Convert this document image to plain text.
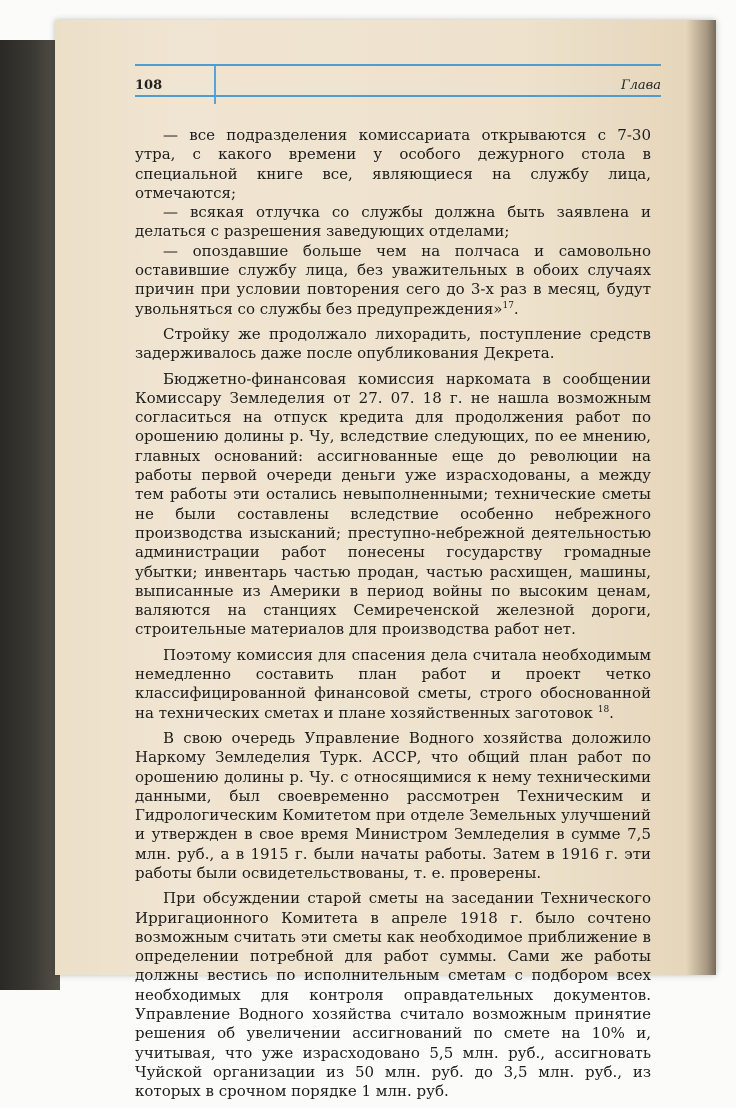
108	Глава

— все подразделения комиссариата открываются с 7-30 утра, с какого времени у особого дежурного стола в специальной книге все, являющиеся на службу лица, отмечаются;

— всякая отлучка со службы должна быть заявлена и делаться с разрешения заведующих отделами;

— опоздавшие больше чем на полчаса и самовольно оставившие службу лица, без уважительных в обоих случаях причин при условии повторения сего до 3-х раз в месяц, будут увольняться со службы без предупреждения»$^{17}$.

Стройку же продолжало лихорадить, поступление средств задерживалось даже после опубликования Декрета.

Бюджетно-финансовая комиссия наркомата в сообщении Комиссару Земледелия от 27. 07. 18 г. не нашла возможным согласиться на отпуск кредита для продолжения работ по орошению долины р. Чу, вследствие следующих, по ее мнению, главных оснований: ассигнованные еще до революции на работы первой очереди деньги уже израсходованы, а между тем работы эти остались невыполненными; технические сметы не были составлены вследствие особенно небрежного производства изысканий; преступно-небрежной деятельностью администрации работ понесены государству громадные убытки; инвентарь частью продан, частью расхищен, машины, выписанные из Америки в период войны по высоким ценам, валяются на станциях Семиреченской железной дороги, строительные материалов для производства работ нет.

Поэтому комиссия для спасения дела считала необходимым немедленно составить план работ и проект четко классифицированной финансовой сметы, строго обоснованной на технических сметах и плане хозяйственных заготовок $^{18}$.

В свою очередь Управление Водного хозяйства доложило Наркому Земледелия Турк. АССР, что общий план работ по орошению долины р. Чу. с относящимися к нему техническими данными, был своевременно рассмотрен Техническим и Гидрологическим Комитетом при отделе Земельных улучшений и утвержден в свое время Министром Земледелия в сумме 7,5 млн. руб., а в 1915 г. были начаты работы. Затем в 1916 г. эти работы были освидетельствованы, т. е. проверены.

При обсуждении старой сметы на заседании Технического Ирригационного Комитета в апреле 1918 г. было сочтено возможным считать эти сметы как необходимое приближение в определении потребной для работ суммы. Сами же работы должны вестись по исполнительным сметам с подбором всех необходимых для контроля оправдательных документов. Управление Водного хозяйства считало возможным принятие решения об увеличении ассигнований по смете на 10% и, учитывая, что уже израсходовано 5,5 млн. руб., ассигновать Чуйской организации из 50 млн. руб. до 3,5 млн. руб., из которых в срочном порядке 1 млн. руб.
